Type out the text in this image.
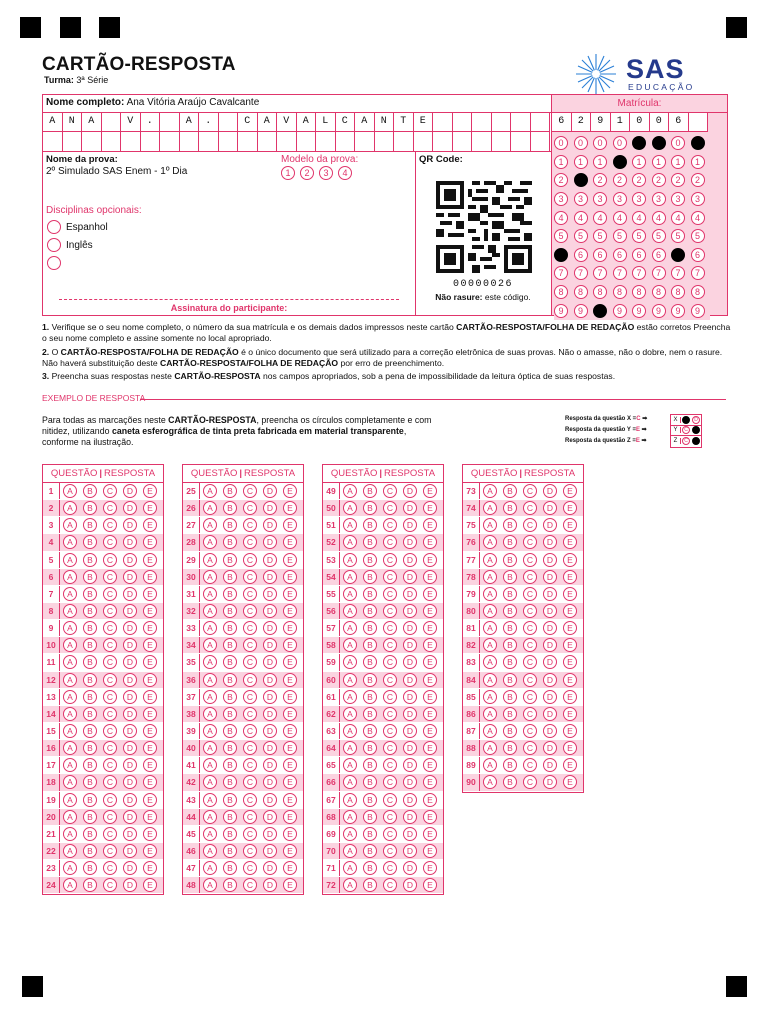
CARTÃO-RESPOSTA
Turma: 3ª Série	SAS
EDUCAÇÃO
Nome completo: Ana Vitória Araújo Cavalcante	Matrícula:
A	N	A	V	.	A	.	C	A	V	A	L	C	A	N	T	E	6	2	9	1	0	0	6
0	0	0	0	0	0	0	0
1	1	1	1	1	1	1	1
2	2	2	2	2	2	2	2
3	3	3	3	3	3	3	3
4	4	4	4	4	4	4	4
5	5	5	5	5	5	5	5
6	6	6	6	6	6	6	6
7	7	7	7	7	7	7	7
8	8	8	8	8	8	8	8
9	9	9	9	9	9	9	9
Nome da prova:
2º Simulado SAS Enem - 1º Dia
Modelo da prova:
1	2	3	4
Disciplinas opcionais:
Espanhol
Inglês
Assinatura do participante:
QR Code:
00000026
Não rasure: este código.
1. Verifique se o seu nome completo, o número da sua matrícula e os demais dados impressos neste cartão CARTÃO-RESPOSTA/FOLHA DE REDAÇÃO estão corretos Preencha o seu nome completo e assine somente no local apropriado.
2. O CARTÃO-RESPOSTA/FOLHA DE REDAÇÃO é o único documento que será utilizado para a correção eletrônica de suas provas. Não o amasse, não o dobre, nem o rasure. Não haverá substituição deste CARTÃO-RESPOSTA/FOLHA DE REDAÇÃO por erro de preenchimento.
3. Preencha suas respostas neste CARTÃO-RESPOSTA nos campos apropriados, sob a pena de impossibilidade da leitura óptica de suas respostas.
EXEMPLO DE RESPOSTA
Para todas as marcações neste CARTÃO-RESPOSTA, preencha os círculos completamente e com nitidez, utilizando caneta esferográfica de tinta preta fabricada em material transparente, conforme na ilustração.
Resposta da questão X = C ➡
Resposta da questão Y = E ➡
Resposta da questão Z = E ➡
X	D
Y	C
Z	C
QUESTÃO | RESPOSTA
1	A	B	C	D	E
2	A	B	C	D	E
3	A	B	C	D	E
4	A	B	C	D	E
5	A	B	C	D	E
6	A	B	C	D	E
7	A	B	C	D	E
8	A	B	C	D	E
9	A	B	C	D	E
10	A	B	C	D	E
11	A	B	C	D	E
12	A	B	C	D	E
13	A	B	C	D	E
14	A	B	C	D	E
15	A	B	C	D	E
16	A	B	C	D	E
17	A	B	C	D	E
18	A	B	C	D	E
19	A	B	C	D	E
20	A	B	C	D	E
21	A	B	C	D	E
22	A	B	C	D	E
23	A	B	C	D	E
24	A	B	C	D	E
QUESTÃO | RESPOSTA
25	A	B	C	D	E
26	A	B	C	D	E
27	A	B	C	D	E
28	A	B	C	D	E
29	A	B	C	D	E
30	A	B	C	D	E
31	A	B	C	D	E
32	A	B	C	D	E
33	A	B	C	D	E
34	A	B	C	D	E
35	A	B	C	D	E
36	A	B	C	D	E
37	A	B	C	D	E
38	A	B	C	D	E
39	A	B	C	D	E
40	A	B	C	D	E
41	A	B	C	D	E
42	A	B	C	D	E
43	A	B	C	D	E
44	A	B	C	D	E
45	A	B	C	D	E
46	A	B	C	D	E
47	A	B	C	D	E
48	A	B	C	D	E
QUESTÃO | RESPOSTA
49	A	B	C	D	E
50	A	B	C	D	E
51	A	B	C	D	E
52	A	B	C	D	E
53	A	B	C	D	E
54	A	B	C	D	E
55	A	B	C	D	E
56	A	B	C	D	E
57	A	B	C	D	E
58	A	B	C	D	E
59	A	B	C	D	E
60	A	B	C	D	E
61	A	B	C	D	E
62	A	B	C	D	E
63	A	B	C	D	E
64	A	B	C	D	E
65	A	B	C	D	E
66	A	B	C	D	E
67	A	B	C	D	E
68	A	B	C	D	E
69	A	B	C	D	E
70	A	B	C	D	E
71	A	B	C	D	E
72	A	B	C	D	E
QUESTÃO | RESPOSTA
73	A	B	C	D	E
74	A	B	C	D	E
75	A	B	C	D	E
76	A	B	C	D	E
77	A	B	C	D	E
78	A	B	C	D	E
79	A	B	C	D	E
80	A	B	C	D	E
81	A	B	C	D	E
82	A	B	C	D	E
83	A	B	C	D	E
84	A	B	C	D	E
85	A	B	C	D	E
86	A	B	C	D	E
87	A	B	C	D	E
88	A	B	C	D	E
89	A	B	C	D	E
90	A	B	C	D	E
